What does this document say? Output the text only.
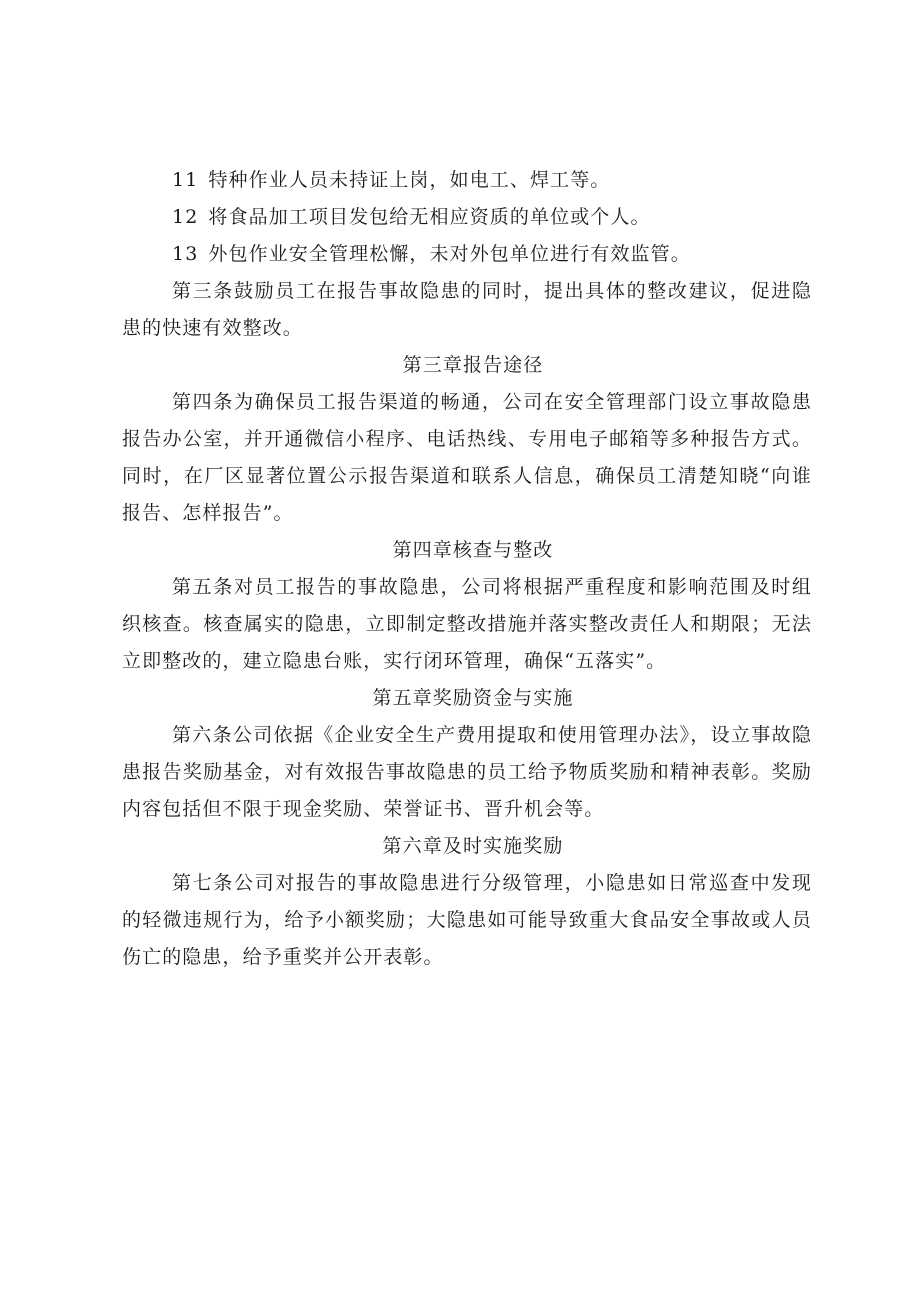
11 特种作业人员未持证上岗，如电工、焊工等。

12 将食品加工项目发包给无相应资质的单位或个人。

13 外包作业安全管理松懈，未对外包单位进行有效监管。

第三条鼓励员工在报告事故隐患的同时，提出具体的整改建议，促进隐患的快速有效整改。

第三章报告途径

第四条为确保员工报告渠道的畅通，公司在安全管理部门设立事故隐患报告办公室，并开通微信小程序、电话热线、专用电子邮箱等多种报告方式。同时，在厂区显著位置公示报告渠道和联系人信息，确保员工清楚知晓“向谁报告、怎样报告”。

第四章核查与整改

第五条对员工报告的事故隐患，公司将根据严重程度和影响范围及时组织核查。核查属实的隐患，立即制定整改措施并落实整改责任人和期限；无法立即整改的，建立隐患台账，实行闭环管理，确保“五落实”。

第五章奖励资金与实施

第六条公司依据《企业安全生产费用提取和使用管理办法》，设立事故隐患报告奖励基金，对有效报告事故隐患的员工给予物质奖励和精神表彰。奖励内容包括但不限于现金奖励、荣誉证书、晋升机会等。

第六章及时实施奖励

第七条公司对报告的事故隐患进行分级管理，小隐患如日常巡查中发现的轻微违规行为，给予小额奖励；大隐患如可能导致重大食品安全事故或人员伤亡的隐患，给予重奖并公开表彰。
